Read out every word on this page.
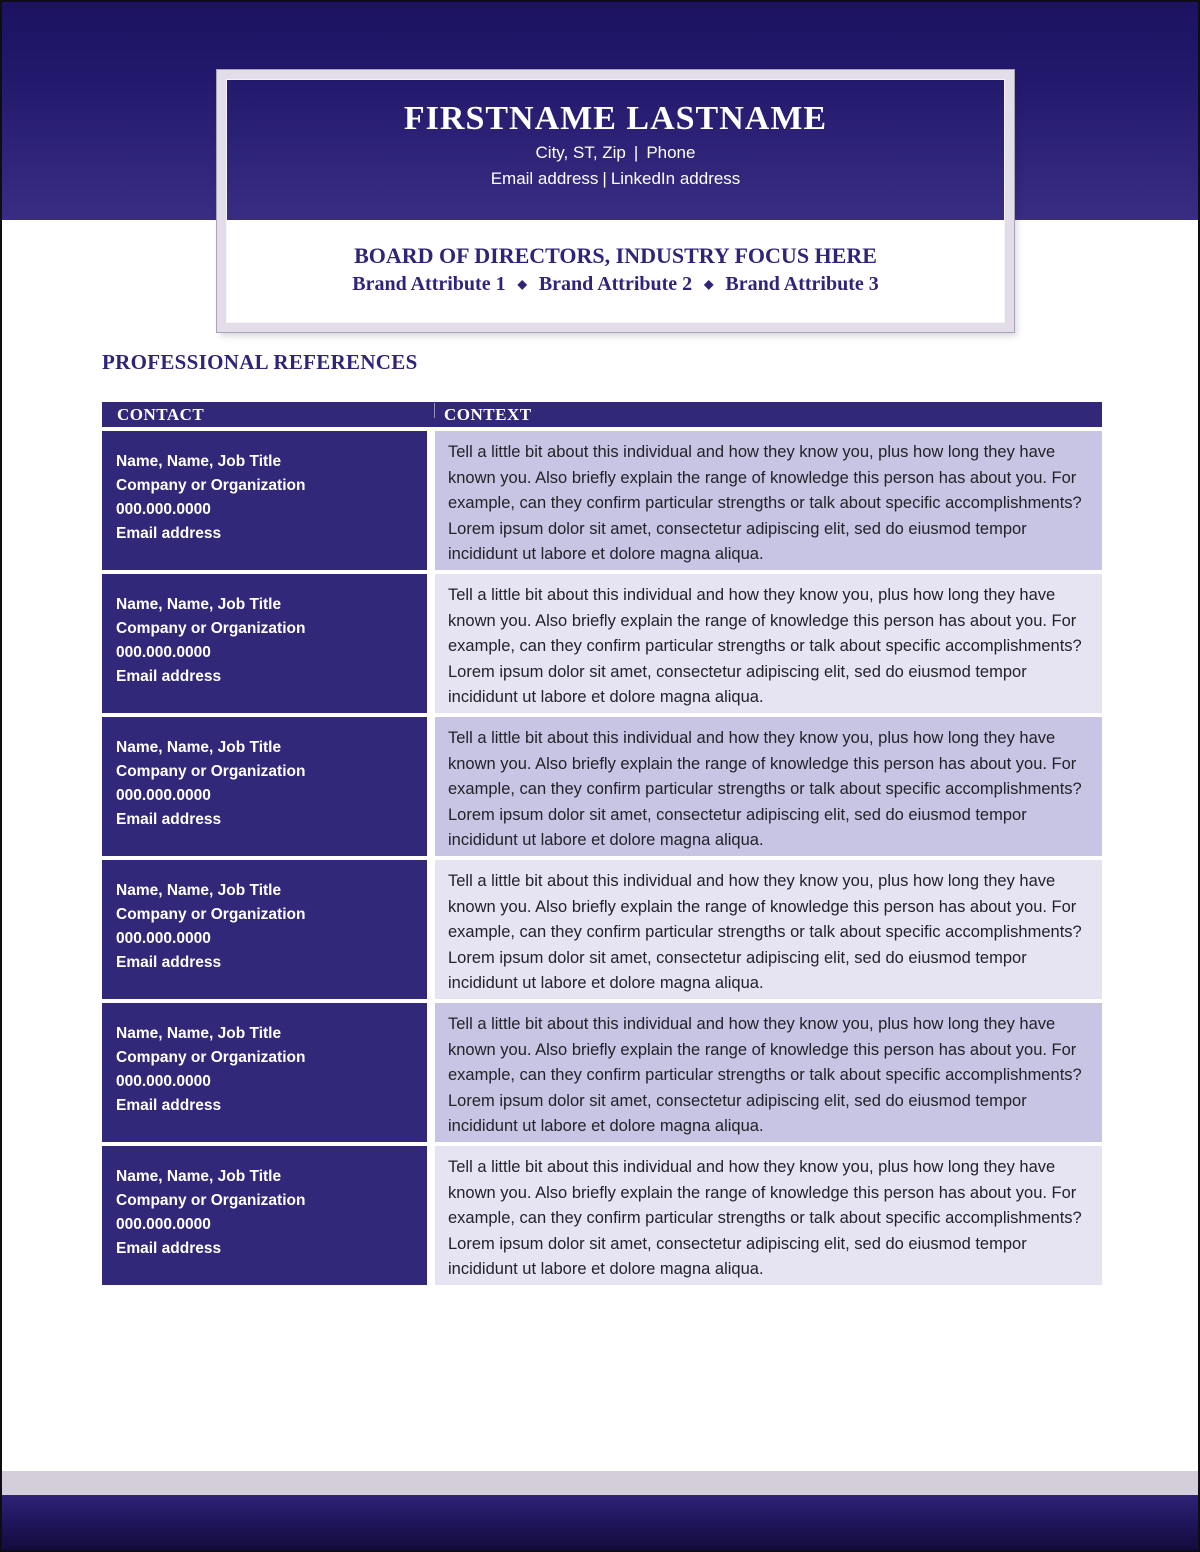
FIRSTNAME LASTNAME
City, ST, Zip | Phone
Email address | LinkedIn address
BOARD OF DIRECTORS, INDUSTRY FOCUS HERE
Brand Attribute 1 ◆ Brand Attribute 2 ◆ Brand Attribute 3
PROFESSIONAL REFERENCES
CONTACT	CONTEXT
Name, Name, Job Title
Company or Organization
000.000.0000
Email address
Tell a little bit about this individual and how they know you, plus how long they have known you. Also briefly explain the range of knowledge this person has about you. For example, can they confirm particular strengths or talk about specific accomplishments? Lorem ipsum dolor sit amet, consectetur adipiscing elit, sed do eiusmod tempor incididunt ut labore et dolore magna aliqua.
Name, Name, Job Title
Company or Organization
000.000.0000
Email address
Tell a little bit about this individual and how they know you, plus how long they have known you. Also briefly explain the range of knowledge this person has about you. For example, can they confirm particular strengths or talk about specific accomplishments? Lorem ipsum dolor sit amet, consectetur adipiscing elit, sed do eiusmod tempor incididunt ut labore et dolore magna aliqua.
Name, Name, Job Title
Company or Organization
000.000.0000
Email address
Tell a little bit about this individual and how they know you, plus how long they have known you. Also briefly explain the range of knowledge this person has about you. For example, can they confirm particular strengths or talk about specific accomplishments? Lorem ipsum dolor sit amet, consectetur adipiscing elit, sed do eiusmod tempor incididunt ut labore et dolore magna aliqua.
Name, Name, Job Title
Company or Organization
000.000.0000
Email address
Tell a little bit about this individual and how they know you, plus how long they have known you. Also briefly explain the range of knowledge this person has about you. For example, can they confirm particular strengths or talk about specific accomplishments? Lorem ipsum dolor sit amet, consectetur adipiscing elit, sed do eiusmod tempor incididunt ut labore et dolore magna aliqua.
Name, Name, Job Title
Company or Organization
000.000.0000
Email address
Tell a little bit about this individual and how they know you, plus how long they have known you. Also briefly explain the range of knowledge this person has about you. For example, can they confirm particular strengths or talk about specific accomplishments? Lorem ipsum dolor sit amet, consectetur adipiscing elit, sed do eiusmod tempor incididunt ut labore et dolore magna aliqua.
Name, Name, Job Title
Company or Organization
000.000.0000
Email address
Tell a little bit about this individual and how they know you, plus how long they have known you. Also briefly explain the range of knowledge this person has about you. For example, can they confirm particular strengths or talk about specific accomplishments? Lorem ipsum dolor sit amet, consectetur adipiscing elit, sed do eiusmod tempor incididunt ut labore et dolore magna aliqua.
